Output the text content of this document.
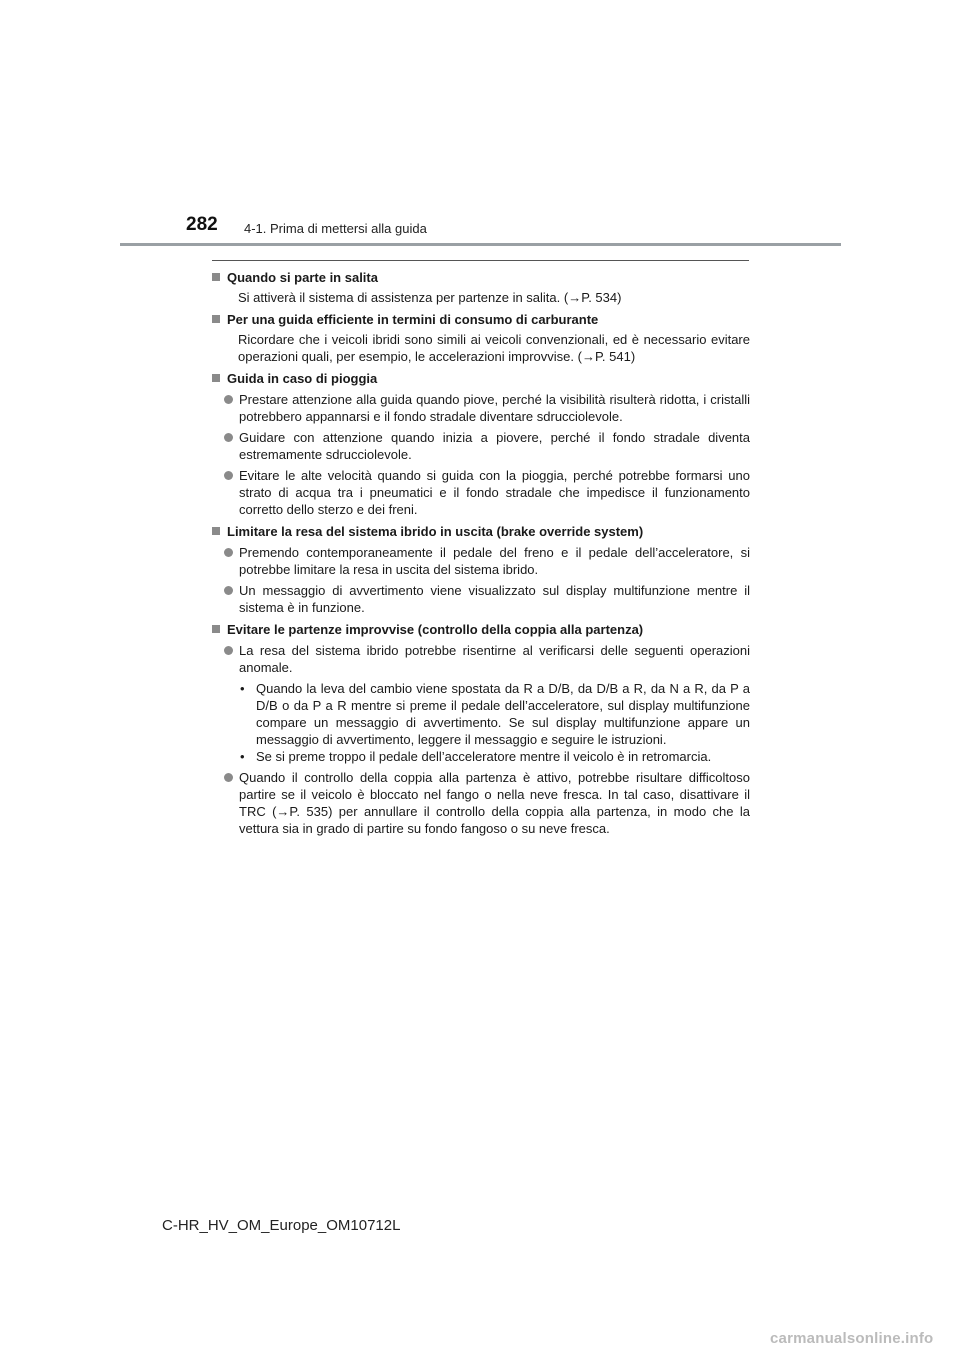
282 4-1. Prima di mettersi alla guida
Quando si parte in salita
Si attiverà il sistema di assistenza per partenze in salita. (→P. 534)
Per una guida efficiente in termini di consumo di carburante
Ricordare che i veicoli ibridi sono simili ai veicoli convenzionali, ed è necessario evitare operazioni quali, per esempio, le accelerazioni improvvise. (→P. 541)
Guida in caso di pioggia
Prestare attenzione alla guida quando piove, perché la visibilità risulterà ridotta, i cristalli potrebbero appannarsi e il fondo stradale diventare sdrucciolevole.
Guidare con attenzione quando inizia a piovere, perché il fondo stradale diventa estremamente sdrucciolevole.
Evitare le alte velocità quando si guida con la pioggia, perché potrebbe formarsi uno strato di acqua tra i pneumatici e il fondo stradale che impedisce il funzionamento corretto dello sterzo e dei freni.
Limitare la resa del sistema ibrido in uscita (brake override system)
Premendo contemporaneamente il pedale del freno e il pedale dell’acceleratore, si potrebbe limitare la resa in uscita del sistema ibrido.
Un messaggio di avvertimento viene visualizzato sul display multifunzione mentre il sistema è in funzione.
Evitare le partenze improvvise (controllo della coppia alla partenza)
La resa del sistema ibrido potrebbe risentirne al verificarsi delle seguenti operazioni anomale.
• Quando la leva del cambio viene spostata da R a D/B, da D/B a R, da N a R, da P a D/B o da P a R mentre si preme il pedale dell’acceleratore, sul display multifunzione compare un messaggio di avvertimento. Se sul display multifunzione appare un messaggio di avvertimento, leggere il messaggio e seguire le istruzioni.
• Se si preme troppo il pedale dell’acceleratore mentre il veicolo è in retromarcia.
Quando il controllo della coppia alla partenza è attivo, potrebbe risultare difficoltoso partire se il veicolo è bloccato nel fango o nella neve fresca. In tal caso, disattivare il TRC (→P. 535) per annullare il controllo della coppia alla partenza, in modo che la vettura sia in grado di partire su fondo fangoso o su neve fresca.
C-HR_HV_OM_Europe_OM10712L
carmanualsonline.info
